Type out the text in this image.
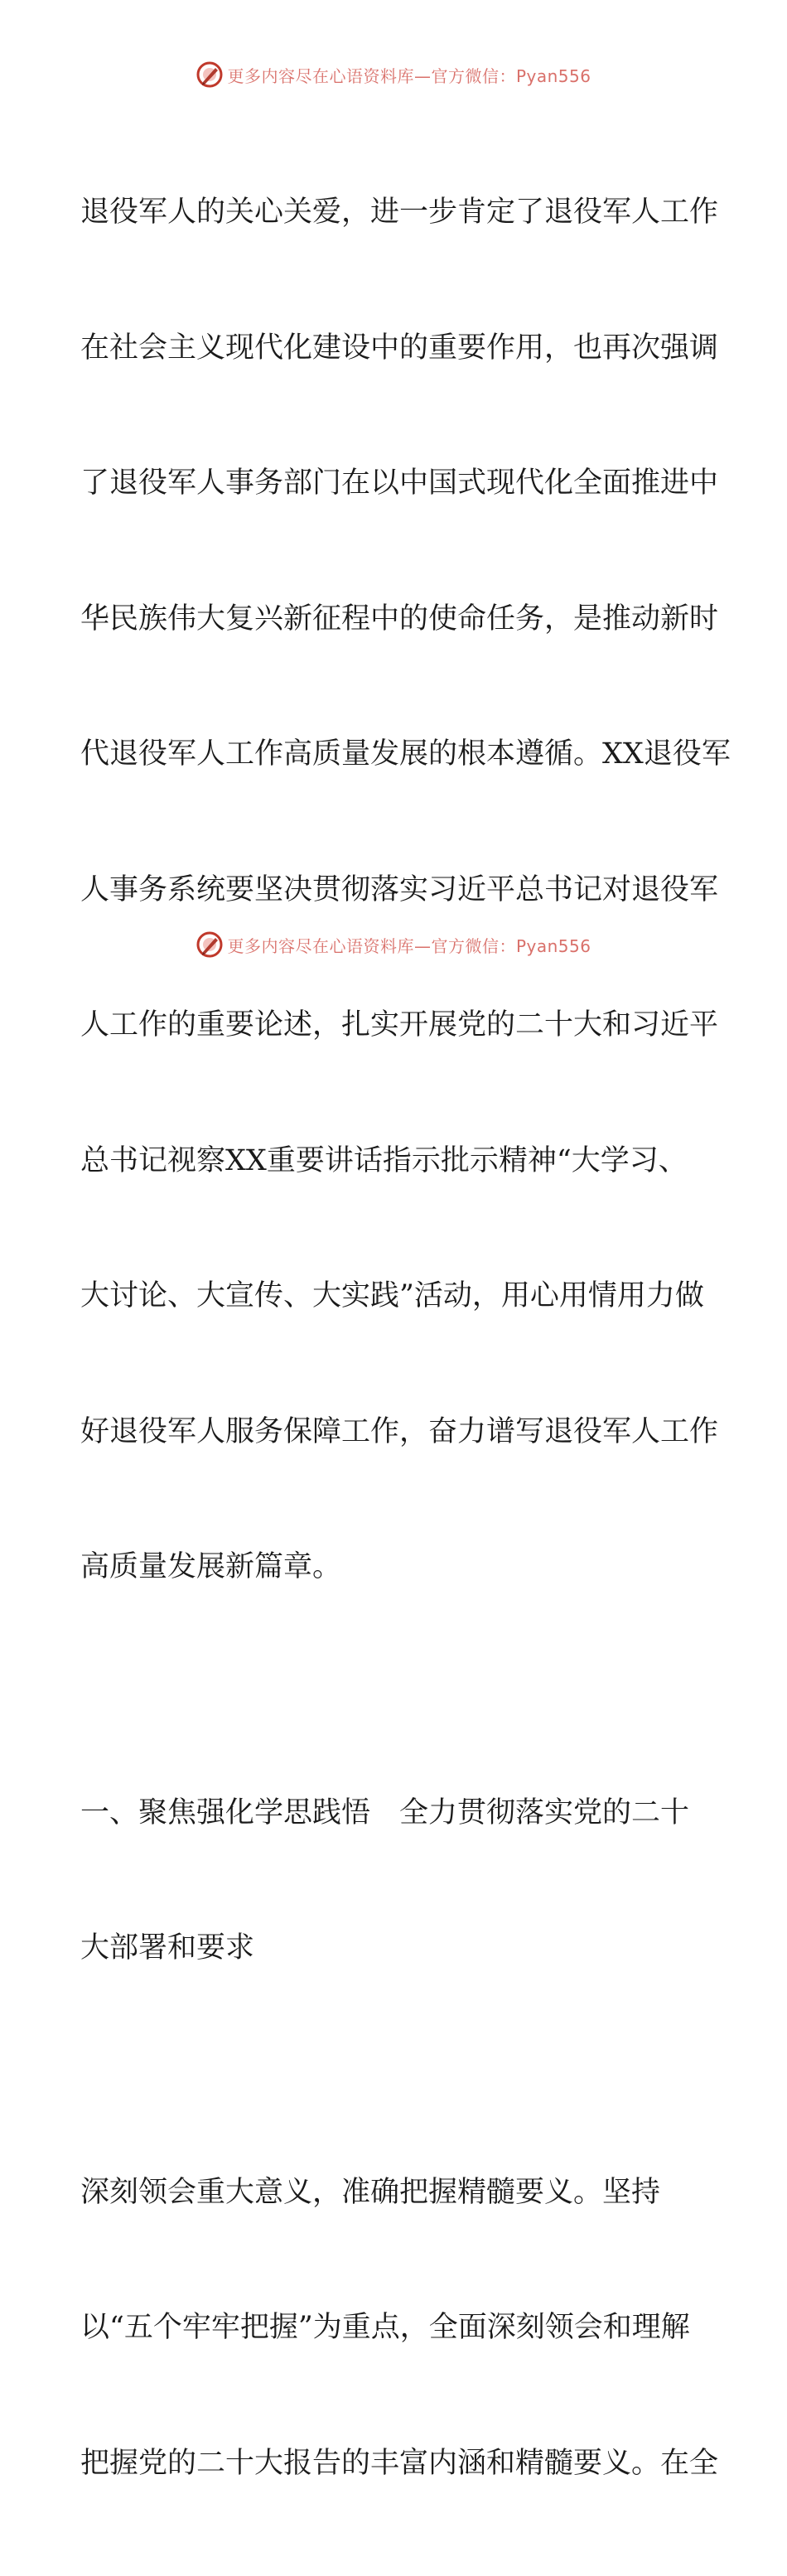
更多内容尽在心语资料库—官方微信：Pyan556

退役军人的关心关爱，进一步肯定了退役军人工作

在社会主义现代化建设中的重要作用，也再次强调

了退役军人事务部门在以中国式现代化全面推进中

华民族伟大复兴新征程中的使命任务，是推动新时

代退役军人工作高质量发展的根本遵循。XX退役军

人事务系统要坚决贯彻落实习近平总书记对退役军

人工作的重要论述，扎实开展党的二十大和习近平

总书记视察XX重要讲话指示批示精神“大学习、

大讨论、大宣传、大实践”活动，用心用情用力做

好退役军人服务保障工作，奋力谱写退役军人工作

高质量发展新篇章。

一、聚焦强化学思践悟　全力贯彻落实党的二十

大部署和要求

深刻领会重大意义，准确把握精髓要义。坚持

以“五个牢牢把握”为重点，全面深刻领会和理解

把握党的二十大报告的丰富内涵和精髓要义。在全

更多内容尽在心语资料库—官方微信：Pyan556
